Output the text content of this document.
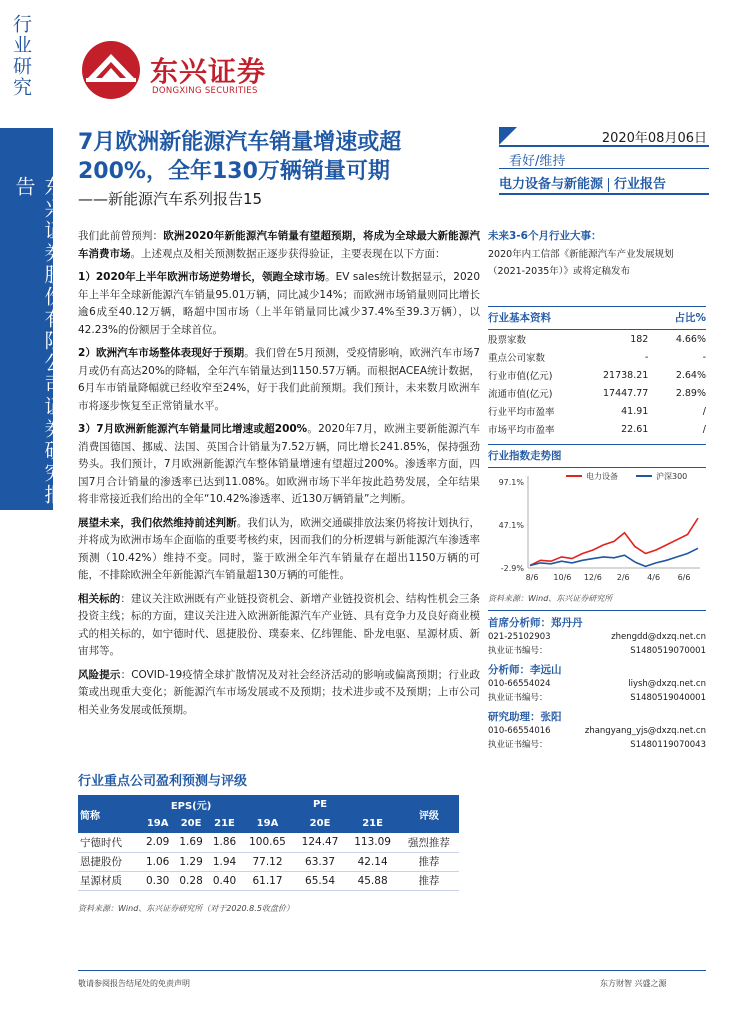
行业研究
东兴证券股份有限公司证券研究报告
东兴证券
DONGXING SECURITIES
7月欧洲新能源汽车销量增速或超200%，全年130万辆销量可期
——新能源汽车系列报告15
2020年08月06日
看好/维持
电力设备与新能源 行业报告

我们此前曾预判：欧洲2020年新能源汽车销量有望超预期，将成为全球最大新能源汽车消费市场。上述观点及相关预测数据正逐步获得验证，主要表现在以下方面：

1）2020年上半年欧洲市场逆势增长，领跑全球市场。EV sales统计数据显示，2020年上半年全球新能源汽车销量95.01万辆，同比减少14%；而欧洲市场销量则同比增长逾6成至40.12万辆，略超中国市场（上半年销量同比减少37.4%至39.3万辆），以42.23%的份额居于全球首位。

2）欧洲汽车市场整体表现好于预期。我们曾在5月预测，受疫情影响，欧洲汽车市场7月或仍有高达20%的降幅，全年汽车销量达到1150.57万辆。而根据ACEA统计数据，6月车市销量降幅就已经收窄至24%，好于我们此前预期。我们预计，未来数月欧洲车市将逐步恢复至正常销量水平。

3）7月欧洲新能源汽车销量同比增速或超200%。2020年7月，欧洲主要新能源汽车消费国德国、挪威、法国、英国合计销量为7.52万辆，同比增长241.85%，保持强劲势头。我们预计，7月欧洲新能源汽车整体销量增速有望超过200%。渗透率方面，四国7月合计销量的渗透率已达到11.08%。如欧洲市场下半年按此趋势发展，全年结果将非常接近我们给出的全年“10.42%渗透率、近130万辆销量”之判断。

展望未来，我们依然维持前述判断。我们认为，欧洲交通碳排放法案仍将按计划执行，并将成为欧洲市场车企面临的重要考核约束，因而我们的分析逻辑与新能源汽车渗透率预测（10.42%）维持不变。同时，鉴于欧洲全年汽车销量存在超出1150万辆的可能，不排除欧洲全年新能源汽车销量超130万辆的可能性。

相关标的：建议关注欧洲既有产业链投资机会、新增产业链投资机会、结构性机会三条投资主线；标的方面，建议关注进入欧洲新能源汽车产业链、具有竞争力及良好商业模式的相关标的，如宁德时代、恩捷股份、璞泰来、亿纬锂能、卧龙电驱、星源材质、新宙邦等。

风险提示：COVID-19疫情全球扩散情况及对社会经济活动的影响或偏离预期；行业政策或出现重大变化；新能源汽车市场发展或不及预期；技术进步或不及预期；上市公司相关业务发展或低预期。

未来3-6个月行业大事：
2020年内工信部《新能源汽车产业发展规划（2021-2035年）》或将定稿发布
行业基本资料	占比%
股票家数	182	4.66%
重点公司家数	-	-
行业市值(亿元)	21738.21	2.64%
流通市值(亿元)	17447.77	2.89%
行业平均市盈率	41.91	/
市场平均市盈率	22.61	/
行业指数走势图
97.1%
47.1%
-2.9%
8/6 10/6 12/6 2/6 4/6 6/6
电力设备	沪深300
资料来源：Wind、东兴证券研究所
首席分析师：郑丹丹
021-25102903	zhengdd@dxzq.net.cn
执业证书编号：	S1480519070001
分析师：李远山
010-66554024	liysh@dxzq.net.cn
执业证书编号：	S1480519040001
研究助理：张阳
010-66554016	zhangyang_yjs@dxzq.net.cn
执业证书编号：	S1480119070043
行业重点公司盈利预测与评级
简称	EPS(元)			PE			评级
	19A	20E	21E	19A	20E	21E	
宁德时代	2.09	1.69	1.86	100.65	124.47	113.09	强烈推荐
恩捷股份	1.06	1.29	1.94	77.12	63.37	42.14	推荐
星源材质	0.30	0.28	0.40	61.17	65.54	45.88	推荐
资料来源：Wind、东兴证券研究所（对于2020.8.5收盘价）
敬请参阅报告结尾处的免责声明	东方财智 兴盛之源
